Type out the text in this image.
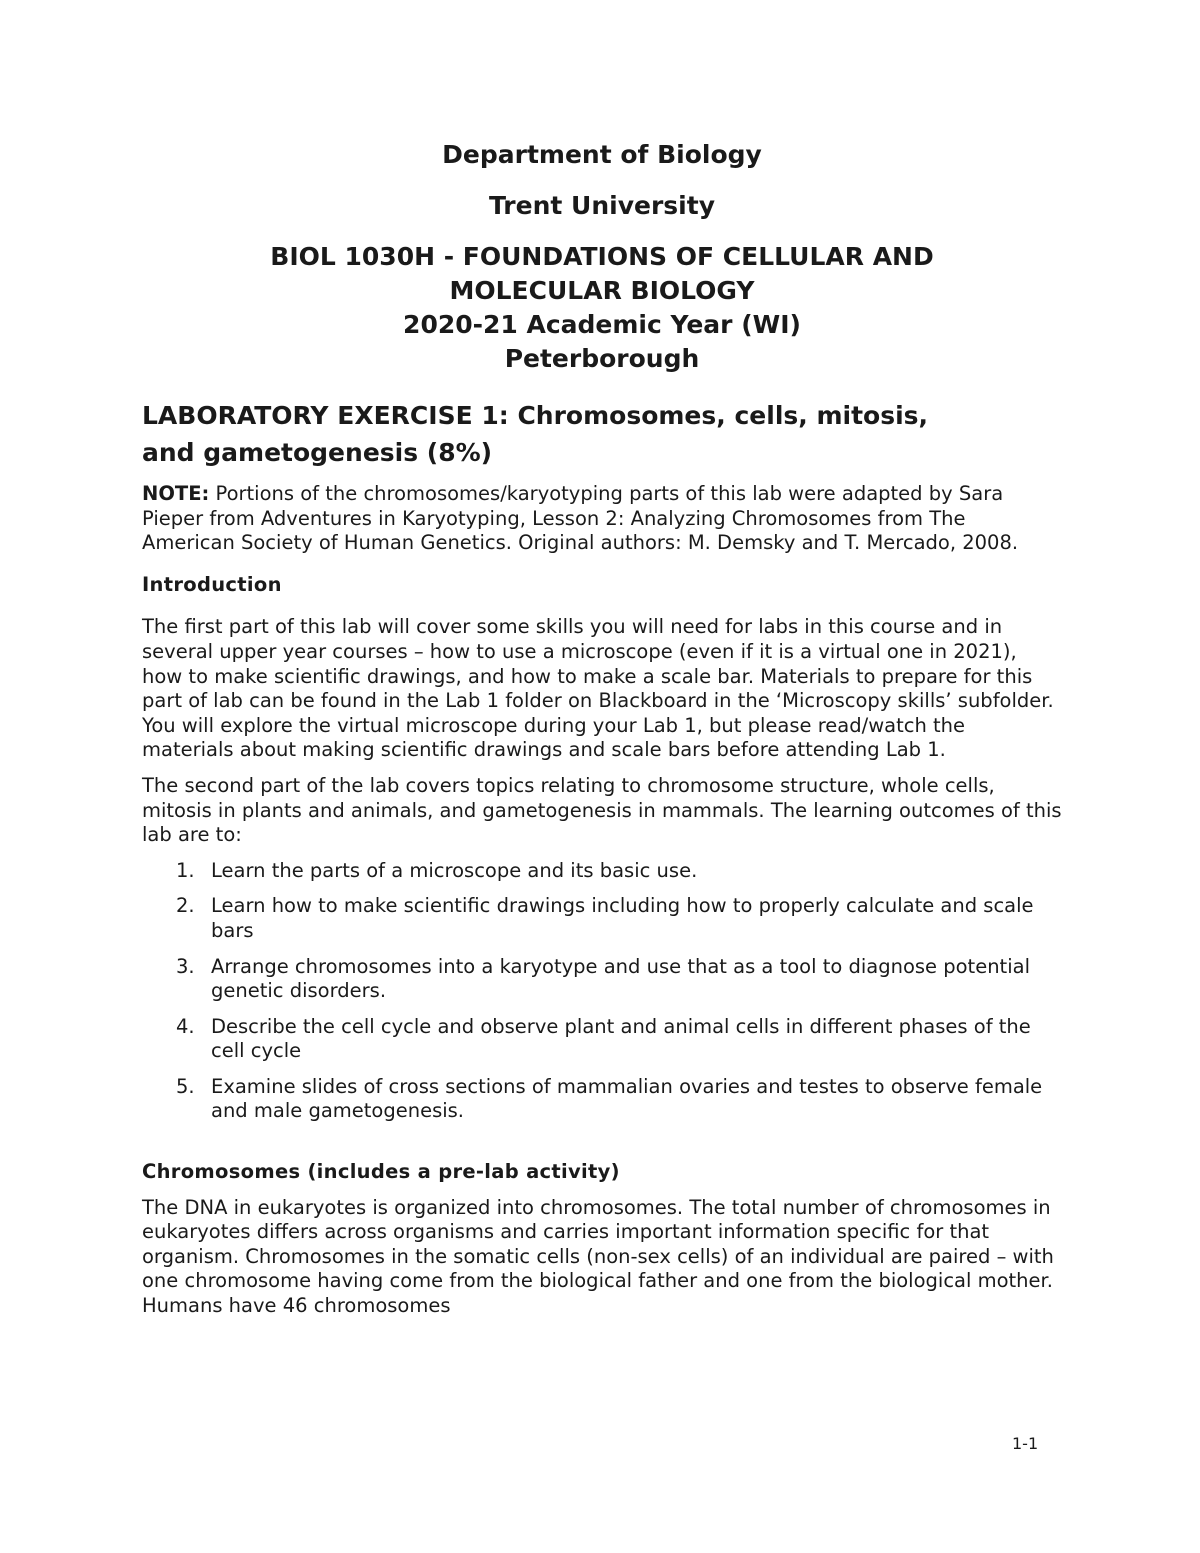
Department of Biology
Trent University
BIOL 1030H - FOUNDATIONS OF CELLULAR AND
MOLECULAR BIOLOGY
2020-21 Academic Year (WI)
Peterborough
LABORATORY EXERCISE 1: Chromosomes, cells, mitosis,
and gametogenesis (8%)

NOTE: Portions of the chromosomes/karyotyping parts of this lab were adapted by Sara Pieper from Adventures in Karyotyping, Lesson 2: Analyzing Chromosomes from The American Society of Human Genetics. Original authors: M. Demsky and T. Mercado, 2008.

Introduction

The first part of this lab will cover some skills you will need for labs in this course and in several upper year courses – how to use a microscope (even if it is a virtual one in 2021), how to make scientific drawings, and how to make a scale bar. Materials to prepare for this part of lab can be found in the Lab 1 folder on Blackboard in the ‘Microscopy skills’ subfolder. You will explore the virtual microscope during your Lab 1, but please read/watch the materials about making scientific drawings and scale bars before attending Lab 1.

The second part of the lab covers topics relating to chromosome structure, whole cells, mitosis in plants and animals, and gametogenesis in mammals. The learning outcomes of this lab are to:

1. Learn the parts of a microscope and its basic use.
2. Learn how to make scientific drawings including how to properly calculate and scale bars
3. Arrange chromosomes into a karyotype and use that as a tool to diagnose potential genetic disorders.
4. Describe the cell cycle and observe plant and animal cells in different phases of the cell cycle
5. Examine slides of cross sections of mammalian ovaries and testes to observe female and male gametogenesis.
Chromosomes (includes a pre-lab activity)

The DNA in eukaryotes is organized into chromosomes. The total number of chromosomes in eukaryotes differs across organisms and carries important information specific for that organism. Chromosomes in the somatic cells (non-sex cells) of an individual are paired – with one chromosome having come from the biological father and one from the biological mother. Humans have 46 chromosomes

1-1
